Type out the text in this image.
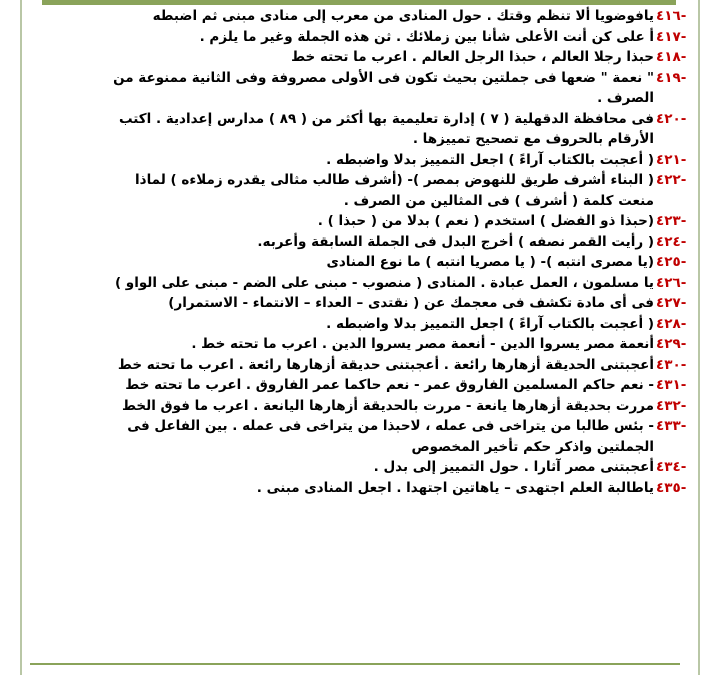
٤١٦-
يافوضويا ألا تنظم وقتك . حول المنادى من معرب إلى منادى مبنى ثم اضبطه
٤١٧-
أ على كن أنت الأعلى شأنا بين زملائك . ثن هذه الجملة وغير ما يلزم .
٤١٨-
حبذا رجلا العالم ، حبذا الرجل العالم . اعرب ما تحته خط
٤١٩-
" نعمة " ضعها فى جملتين بحيث تكون فى الأولى مصروفة وفى الثانية ممنوعة من
الصرف .
٤٢٠-
فى محافظة الدقهلية ( ٧ ) إدارة تعليمية بها أكثر من ( ٨٩ ) مدارس إعدادية . اكتب
الأرقام بالحروف مع تصحيح تمييزها .
٤٢١-
( أعجبت بالكتاب آراءً ) اجعل التمييز بدلا واضبطه .
٤٢٢-
( البناء أشرف طريق للنهوض بمصر )- (أشرف طالب مثالى يقدره زملاءه ) لماذا
منعت كلمة ( أشرف ) فى المثالين من الصرف .
٤٢٣-
(حبذا ذو الفضل ) استخدم ( نعم ) بدلا من ( حبذا ) .
٤٢٤-
( رأيت القمر نصفه ) أخرج البدل فى الجملة السابقة وأعربه.
٤٢٥-
(يا مصرى انتبه )- ( يا مصريا انتبه ) ما نوع المنادى
٤٢٦-
يا مسلمون ، العمل عبادة . المنادى ( منصوب - مبنى على الضم - مبنى على الواو )
٤٢٧-
فى أى مادة تكشف فى معجمك عن ( نقتدى – العداء – الانتماء - الاستمرار)
٤٢٨-
( أعجبت بالكتاب آراءً ) اجعل التمييز بدلا واضبطه .
٤٢٩-
أنعمة مصر يسروا الدين - أنعمة مصر يسروا الدين . اعرب ما تحته خط .
٤٣٠-
أعجبتنى الحديقة أزهارها رائعة . أعجبتنى حديقة أزهارها رائعة . اعرب ما تحته خط
٤٣١-
- نعم حاكم المسلمين الفاروق عمر - نعم حاكما عمر الفاروق . اعرب ما تحته خط
٤٣٢-
مررت بحديقة أزهارها يانعة - مررت بالحديقة أزهارها اليانعة . اعرب ما فوق الخط
٤٣٣-
- بئس طالبا من يتراخى فى عمله ، لاحبذا من يتراخى فى عمله . بين الفاعل فى
الجملتين واذكر حكم تأخير المخصوص
٤٣٤-
أعجبتنى مصر آثارا . حول التمييز إلى بدل .
٤٣٥-
ياطالبة العلم اجتهدى – ياهاتين اجتهدا . اجعل المنادى مبنى .
